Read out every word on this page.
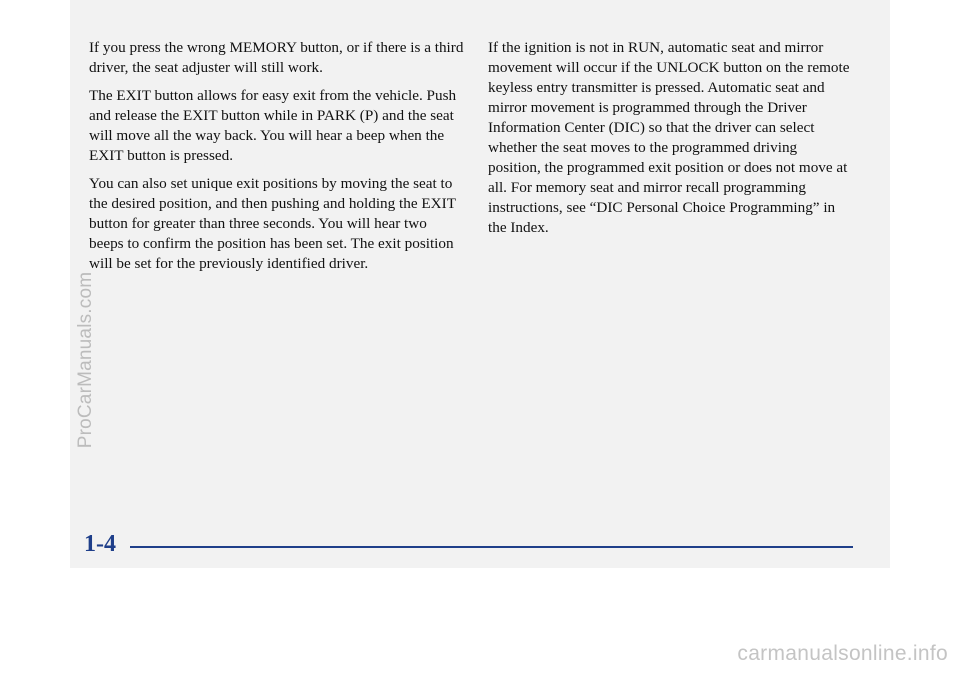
If you press the wrong MEMORY button, or if there is a third driver, the seat adjuster will still work.

The EXIT button allows for easy exit from the vehicle. Push and release the EXIT button while in PARK (P) and the seat will move all the way back. You will hear a beep when the EXIT button is pressed.

You can also set unique exit positions by moving the seat to the desired position, and then pushing and holding the EXIT button for greater than three seconds. You will hear two beeps to confirm the position has been set. The exit position will be set for the previously identified driver.

If the ignition is not in RUN, automatic seat and mirror movement will occur if the UNLOCK button on the remote keyless entry transmitter is pressed. Automatic seat and mirror movement is programmed through the Driver Information Center (DIC) so that the driver can select whether the seat moves to the programmed driving position, the programmed exit position or does not move at all. For memory seat and mirror recall programming instructions, see “DIC Personal Choice Programming” in the Index.

ProCarManuals.com
1-4
carmanualsonline.info
